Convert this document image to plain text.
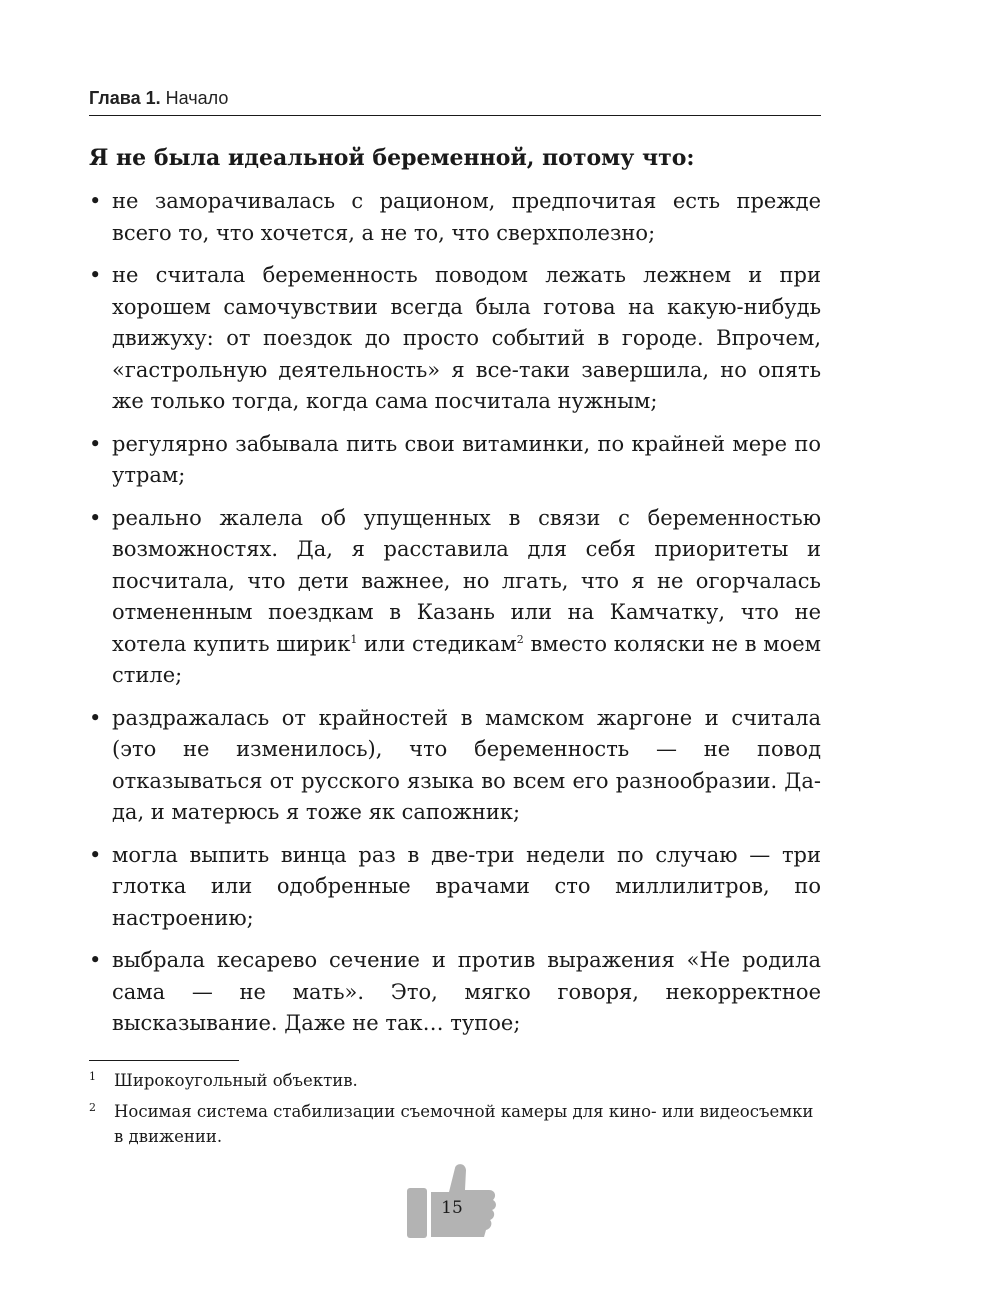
Глава 1. Начало
Я не была идеальной беременной, потому что:
• не заморачивалась с рационом, предпочитая есть прежде всего то, что хочется, а не то, что сверхполезно;
• не считала беременность поводом лежать лежнем и при хорошем самочувствии всегда была готова на какую-нибудь движуху: от поездок до просто событий в городе. Впрочем, «гастрольную деятельность» я все-таки завершила, но опять же только тогда, когда сама посчитала нужным;
• регулярно забывала пить свои витаминки, по крайней мере по утрам;
• реально жалела об упущенных в связи с беременностью возможностях. Да, я расставила для себя приоритеты и посчитала, что дети важнее, но лгать, что я не огорчалась отмененным поездкам в Казань или на Камчатку, что не хотела купить ширик$^1$ или стедикам$^2$ вместо коляски не в моем стиле;
• раздражалась от крайностей в мамском жаргоне и считала (это не изменилось), что беременность — не повод отказываться от русского языка во всем его разнообразии. Да-да, и матерюсь я тоже як сапожник;
• могла выпить винца раз в две-три недели по случаю — три глотка или одобренные врачами сто миллилитров, по настроению;
• выбрала кесарево сечение и против выражения «Не родила сама — не мать». Это, мягко говоря, некорректное высказывание. Даже не так… тупое;
1 Широкоугольный объектив.
2 Носимая система стабилизации съемочной камеры для кино- или видеосъемки в движении.
15
